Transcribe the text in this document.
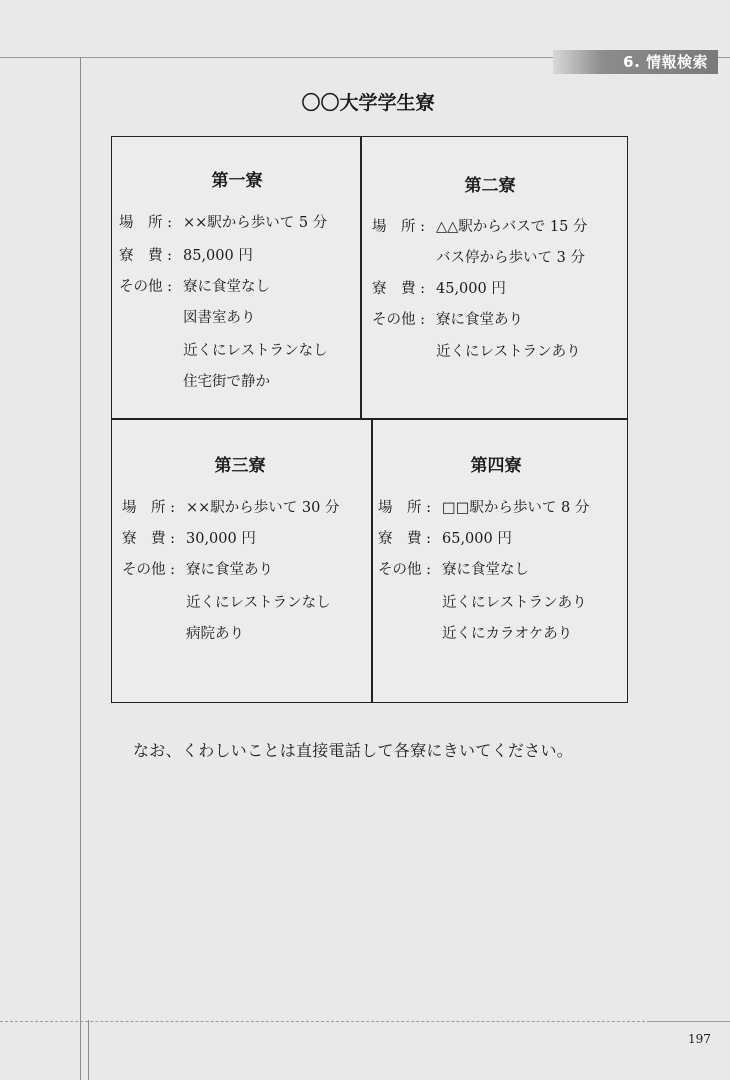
6. 情報検索
〇〇大学学生寮
第一寮
場　所 : ××駅から歩いて 5 分
寮　費 : 85,000 円
その他 : 寮に食堂なし
図書室あり
近くにレストランなし
住宅街で静か
第二寮
場　所 : △△駅からバスで 15 分
バス停から歩いて 3 分
寮　費 : 45,000 円
その他 : 寮に食堂あり
近くにレストランあり
第三寮
場　所 : ××駅から歩いて 30 分
寮　費 : 30,000 円
その他 : 寮に食堂あり
近くにレストランなし
病院あり
第四寮
場　所 : □□駅から歩いて 8 分
寮　費 : 65,000 円
その他 : 寮に食堂なし
近くにレストランあり
近くにカラオケあり
なお、くわしいことは直接電話して各寮にきいてください。
197
